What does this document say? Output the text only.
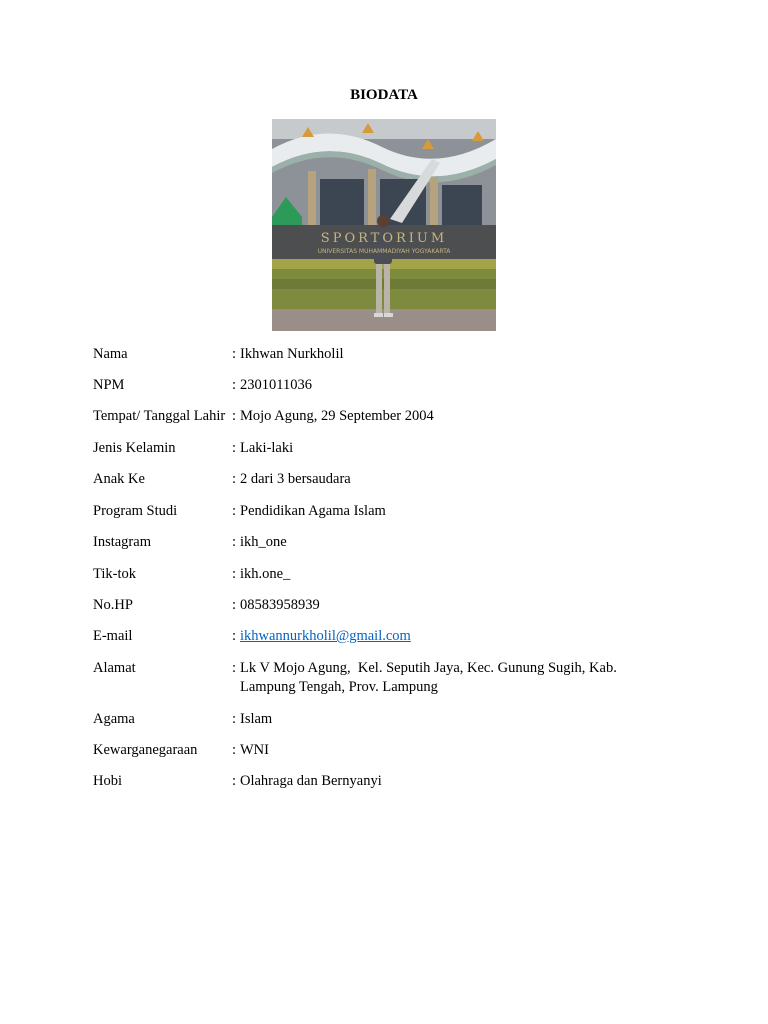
BIODATA
SPORTORIUM
UNIVERSITAS MUHAMMADIYAH YOGYAKARTA
Nama	: Ikhwan Nurkholil
NPM	: 2301011036
Tempat/ Tanggal Lahir : Mojo Agung, 29 September 2004
Jenis Kelamin	: Laki-laki
Anak Ke	: 2 dari 3 bersaudara
Program Studi	: Pendidikan Agama Islam
Instagram	: ikh_one
Tik-tok	: ikh.one_
No.HP	: 08583958939
E-mail	: ikhwannurkholil@gmail.com
Alamat	: Lk V Mojo Agung,  Kel. Seputih Jaya, Kec. Gunung Sugih, Kab. Lampung Tengah, Prov. Lampung
Agama	: Islam
Kewarganegaraan : WNI
Hobi	: Olahraga dan Bernyanyi
